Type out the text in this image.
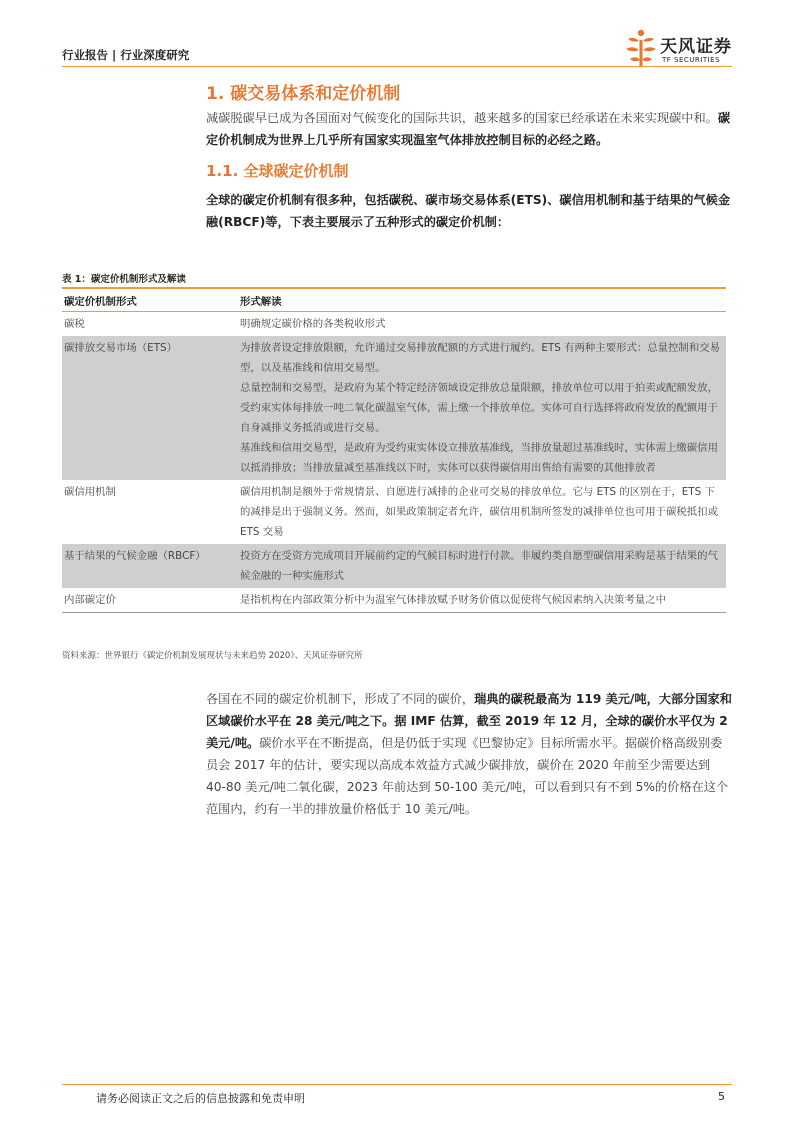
行业报告 | 行业深度研究	天风证券
TF SECURITIES
1. 碳交易体系和定价机制
减碳脱碳早已成为各国面对气候变化的国际共识，越来越多的国家已经承诺在未来实现碳中和。碳定价机制成为世界上几乎所有国家实现温室气体排放控制目标的必经之路。
1.1. 全球碳定价机制
全球的碳定价机制有很多种，包括碳税、碳市场交易体系(ETS)、碳信用机制和基于结果的气候金融(RBCF)等，下表主要展示了五种形式的碳定价机制：
表 1：碳定价机制形式及解读
碳定价机制形式	形式解读
碳税	明确规定碳价格的各类税收形式
碳排放交易市场（ETS）	为排放者设定排放限额，允许通过交易排放配额的方式进行履约。ETS 有两种主要形式：总量控制和交易型，以及基准线和信用交易型。
总量控制和交易型，是政府为某个特定经济领域设定排放总量限额，排放单位可以用于拍卖或配额发放，受约束实体每排放一吨二氧化碳温室气体，需上缴一个排放单位。实体可自行选择将政府发放的配额用于自身减排义务抵消或进行交易。
基准线和信用交易型，是政府为受约束实体设立排放基准线，当排放量超过基准线时，实体需上缴碳信用以抵消排放；当排放量减至基准线以下时，实体可以获得碳信用出售给有需要的其他排放者

碳信用机制	碳信用机制是额外于常规情景、自愿进行减排的企业可交易的排放单位。它与 ETS 的区别在于，ETS 下的减排是出于强制义务。然而，如果政策制定者允许，碳信用机制所签发的减排单位也可用于碳税抵扣或 ETS 交易
基于结果的气候金融（RBCF）	投资方在受资方完成项目开展前约定的气候目标时进行付款。非履约类自愿型碳信用采购是基于结果的气候金融的一种实施形式
内部碳定价	是指机构在内部政策分析中为温室气体排放赋予财务价值以促使将气候因素纳入决策考量之中
资料来源：世界银行《碳定价机制发展现状与未来趋势 2020》、天风证券研究所
各国在不同的碳定价机制下，形成了不同的碳价，瑞典的碳税最高为 119 美元/吨，大部分国家和区域碳价水平在 28 美元/吨之下。据 IMF 估算，截至 2019 年 12 月，全球的碳价水平仅为 2 美元/吨。碳价水平在不断提高，但是仍低于实现《巴黎协定》目标所需水平。据碳价格高级别委员会 2017 年的估计，要实现以高成本效益方式减少碳排放，碳价在 2020 年前至少需要达到 40-80 美元/吨二氧化碳，2023 年前达到 50-100 美元/吨，可以看到只有不到 5%的价格在这个范围内，约有一半的排放量价格低于 10 美元/吨。
请务必阅读正文之后的信息披露和免责申明	5
